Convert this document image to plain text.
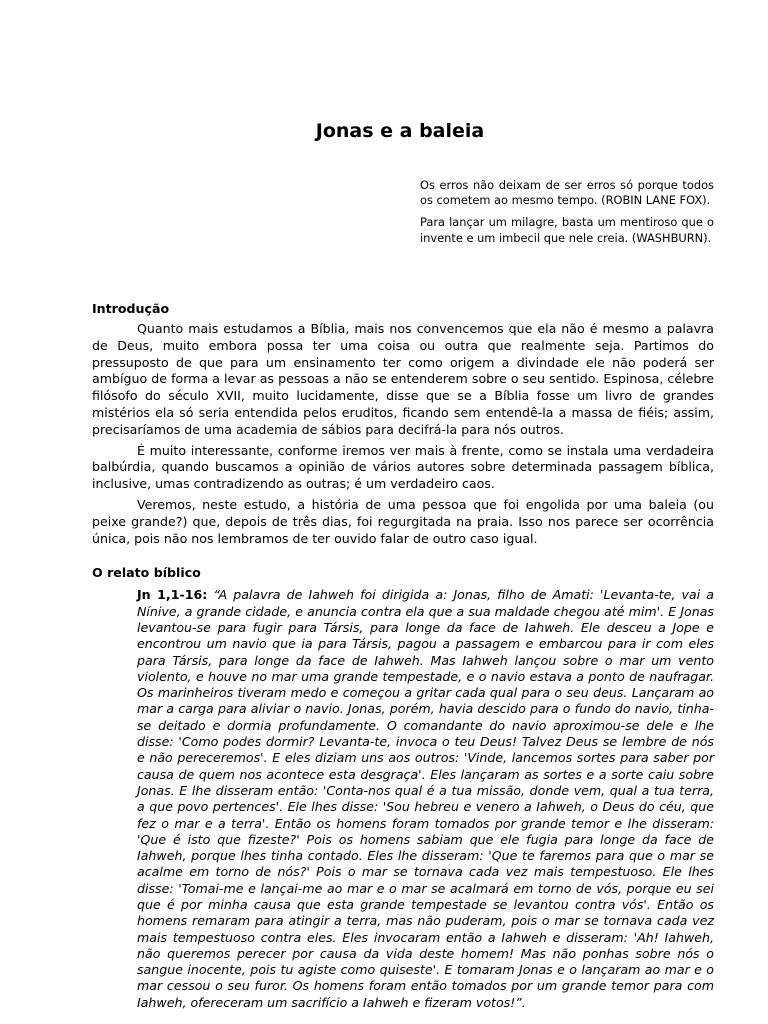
Jonas e a baleia

Os erros não deixam de ser erros só porque todos os cometem ao mesmo tempo. (ROBIN LANE FOX).

Para lançar um milagre, basta um mentiroso que o invente e um imbecil que nele creia. (WASHBURN).

Introdução

Quanto mais estudamos a Bíblia, mais nos convencemos que ela não é mesmo a palavra de Deus, muito embora possa ter uma coisa ou outra que realmente seja. Partimos do pressuposto de que para um ensinamento ter como origem a divindade ele não poderá ser ambíguo de forma a levar as pessoas a não se entenderem sobre o seu sentido. Espinosa, célebre filósofo do século XVII, muito lucidamente, disse que se a Bíblia fosse um livro de grandes mistérios ela só seria entendida pelos eruditos, ficando sem entendê-la a massa de fiéis; assim, precisaríamos de uma academia de sábios para decifrá-la para nós outros.

É muito interessante, conforme iremos ver mais à frente, como se instala uma verdadeira balbúrdia, quando buscamos a opinião de vários autores sobre determinada passagem bíblica, inclusive, umas contradizendo as outras; é um verdadeiro caos.

Veremos, neste estudo, a história de uma pessoa que foi engolida por uma baleia (ou peixe grande?) que, depois de três dias, foi regurgitada na praia. Isso nos parece ser ocorrência única, pois não nos lembramos de ter ouvido falar de outro caso igual.

O relato bíblico

Jn 1,1-16: “A palavra de Iahweh foi dirigida a: Jonas, filho de Amati: 'Levanta-te, vai a Nínive, a grande cidade, e anuncia contra ela que a sua maldade chegou até mim'. E Jonas levantou-se para fugir para Társis, para longe da face de Iahweh. Ele desceu a Jope e encontrou um navio que ia para Társis, pagou a passagem e embarcou para ir com eles para Társis, para longe da face de Iahweh. Mas Iahweh lançou sobre o mar um vento violento, e houve no mar uma grande tempestade, e o navio estava a ponto de naufragar. Os marinheiros tiveram medo e começou a gritar cada qual para o seu deus. Lançaram ao mar a carga para aliviar o navio. Jonas, porém, havia descido para o fundo do navio, tinha-se deitado e dormia profundamente. O comandante do navio aproximou-se dele e lhe disse: 'Como podes dormir? Levanta-te, invoca o teu Deus! Talvez Deus se lembre de nós e não pereceremos'. E eles diziam uns aos outros: 'Vinde, lancemos sortes para saber por causa de quem nos acontece esta desgraça'. Eles lançaram as sortes e a sorte caiu sobre Jonas. E lhe disseram então: 'Conta-nos qual é a tua missão, donde vem, qual a tua terra, a que povo pertences'. Ele lhes disse: 'Sou hebreu e venero a Iahweh, o Deus do céu, que fez o mar e a terra'. Então os homens foram tomados por grande temor e lhe disseram: 'Que é isto que fizeste?' Pois os homens sabiam que ele fugia para longe da face de Iahweh, porque lhes tinha contado. Eles lhe disseram: 'Que te faremos para que o mar se acalme em torno de nós?' Pois o mar se tornava cada vez mais tempestuoso. Ele lhes disse: 'Tomai-me e lançai-me ao mar e o mar se acalmará em torno de vós, porque eu sei que é por minha causa que esta grande tempestade se levantou contra vós'. Então os homens remaram para atingir a terra, mas não puderam, pois o mar se tornava cada vez mais tempestuoso contra eles. Eles invocaram então a Iahweh e disseram: 'Ah! Iahweh, não queremos perecer por causa da vida deste homem! Mas não ponhas sobre nós o sangue inocente, pois tu agiste como quiseste'. E tomaram Jonas e o lançaram ao mar e o mar cessou o seu furor. Os homens foram então tomados por um grande temor para com Iahweh, ofereceram um sacrifício a Iahweh e fizeram votos!”.
